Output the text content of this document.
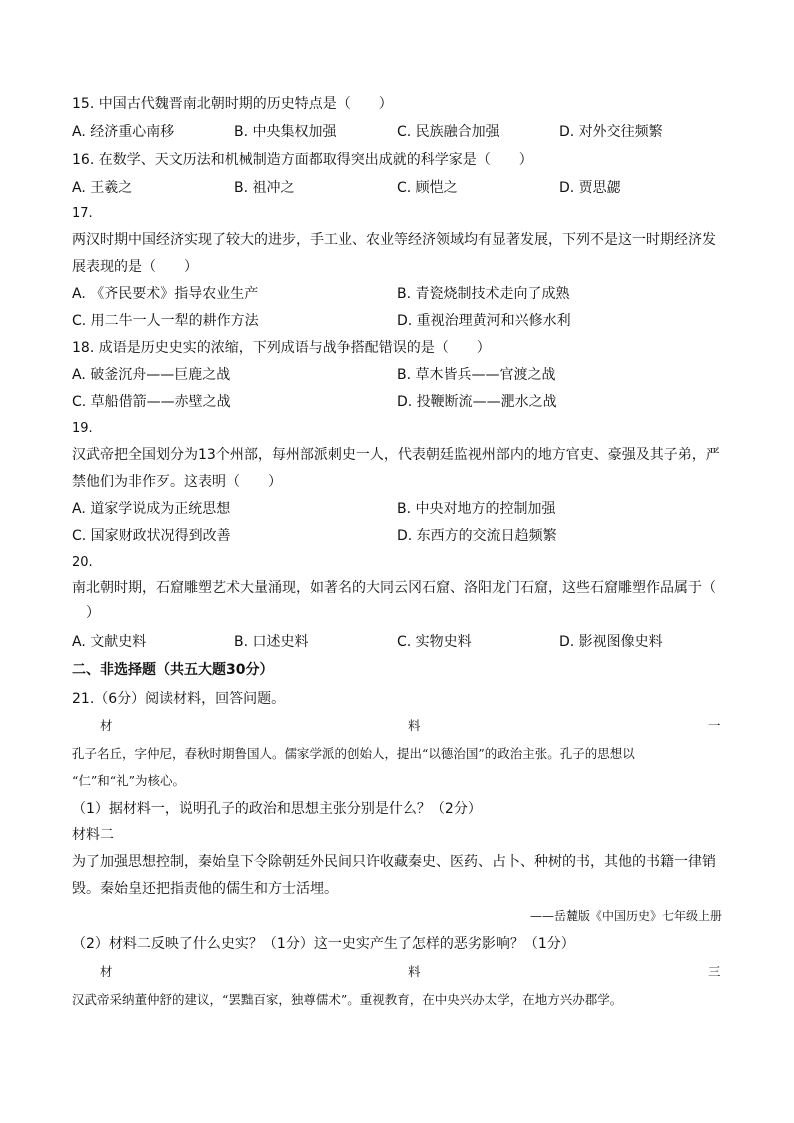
15. 中国古代魏晋南北朝时期的历史特点是（　　）
A. 经济重心南移	B. 中央集权加强	C. 民族融合加强	D. 对外交往频繁
16. 在数学、天文历法和机械制造方面都取得突出成就的科学家是（　　）
A. 王羲之	B. 祖冲之	C. 顾恺之	D. 贾思勰
17.
两汉时期中国经济实现了较大的进步，手工业、农业等经济领域均有显著发展，下列不是这一时期经济发
展表现的是（　　）
A. 《齐民要术》指导农业生产	B. 青瓷烧制技术走向了成熟
C. 用二牛一人一犁的耕作方法	D. 重视治理黄河和兴修水利
18. 成语是历史史实的浓缩，下列成语与战争搭配错误的是（　　）
A. 破釜沉舟——巨鹿之战	B. 草木皆兵——官渡之战
C. 草船借箭——赤壁之战	D. 投鞭断流——淝水之战
19.
汉武帝把全国划分为13个州部，每州部派刺史一人，代表朝廷监视州部内的地方官吏、豪强及其子弟，严
禁他们为非作歹。这表明（　　）
A. 道家学说成为正统思想	B. 中央对地方的控制加强
C. 国家财政状况得到改善	D. 东西方的交流日趋频繁
20.
南北朝时期，石窟雕塑艺术大量涌现，如著名的大同云冈石窟、洛阳龙门石窟，这些石窟雕塑作品属于（
　）
A. 文献史料	B. 口述史料	C. 实物史料	D. 影视图像史料
二、非选择题（共五大题30分）
21.（6分）阅读材料，回答问题。
材	料	一
孔子名丘，字仲尼，春秋时期鲁国人。儒家学派的创始人，提出“以德治国”的政治主张。孔子的思想以
“仁”和“礼”为核心。
（1）据材料一，说明孔子的政治和思想主张分别是什么？（2分）
材料二
为了加强思想控制，秦始皇下令除朝廷外民间只许收藏秦史、医药、占卜、种树的书，其他的书籍一律销
毁。秦始皇还把指责他的儒生和方士活埋。
——岳麓版《中国历史》七年级上册
（2）材料二反映了什么史实？（1分）这一史实产生了怎样的恶劣影响？（1分）
材	料	三
汉武帝采纳董仲舒的建议，“罢黜百家，独尊儒术”。重视教育，在中央兴办太学，在地方兴办郡学。
